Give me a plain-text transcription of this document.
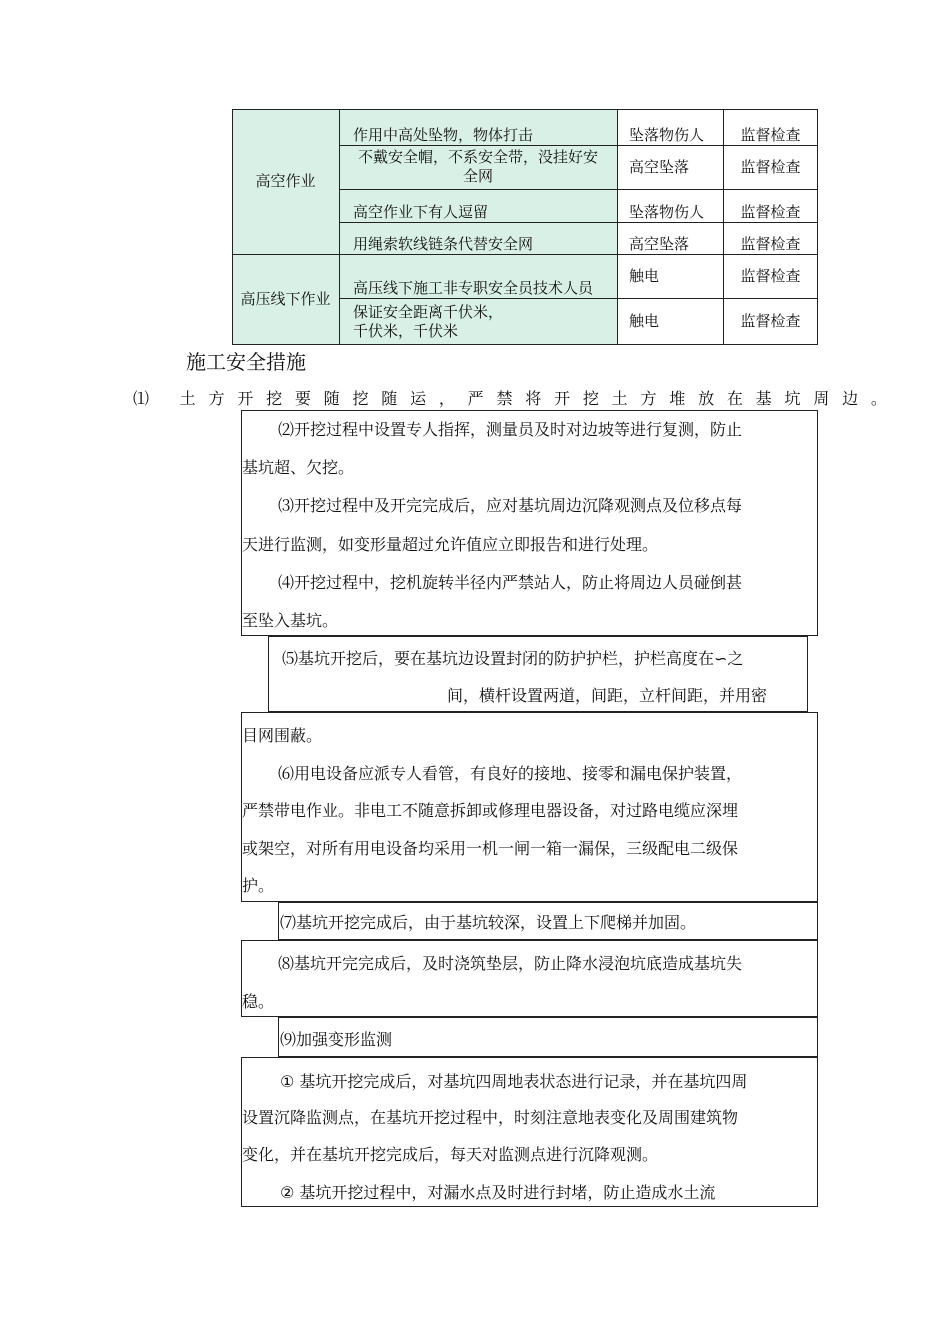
高空作业
高压线下作业
作用中高处坠物，物体打击
不戴安全帽，不系安全带，没挂好安
全网
高空作业下有人逗留
用绳索软线链条代替安全网
高压线下施工非专职安全员技术人员
保证安全距离千伏米，
千伏米，千伏米
坠落物伤人
高空坠落
坠落物伤人
高空坠落
触电
触电
监督检查
监督检查
监督检查
监督检查
监督检查
监督检查
施工安全措施
⑴ 土方开挖要随挖随运，严禁将开挖土方堆放在基坑周边。
⑵开挖过程中设置专人指挥，测量员及时对边坡等进行复测，防止
基坑超、欠挖。
⑶开挖过程中及开完完成后，应对基坑周边沉降观测点及位移点每
天进行监测，如变形量超过允许值应立即报告和进行处理。
⑷开挖过程中，挖机旋转半径内严禁站人，防止将周边人员碰倒甚
至坠入基坑。
⑸基坑开挖后，要在基坑边设置封闭的防护护栏，护栏高度在∽之
间，横杆设置两道，间距，立杆间距，并用密
目网围蔽。
⑹用电设备应派专人看管，有良好的接地、接零和漏电保护装置，
严禁带电作业。非电工不随意拆卸或修理电器设备，对过路电缆应深埋
或架空，对所有用电设备均采用一机一闸一箱一漏保，三级配电二级保
护。
⑺基坑开挖完成后，由于基坑较深，设置上下爬梯并加固。
⑻基坑开完完成后，及时浇筑垫层，防止降水浸泡坑底造成基坑失
稳。
⑼加强变形监测
① 基坑开挖完成后，对基坑四周地表状态进行记录，并在基坑四周
设置沉降监测点，在基坑开挖过程中，时刻注意地表变化及周围建筑物
变化，并在基坑开挖完成后，每天对监测点进行沉降观测。
② 基坑开挖过程中，对漏水点及时进行封堵，防止造成水土流
